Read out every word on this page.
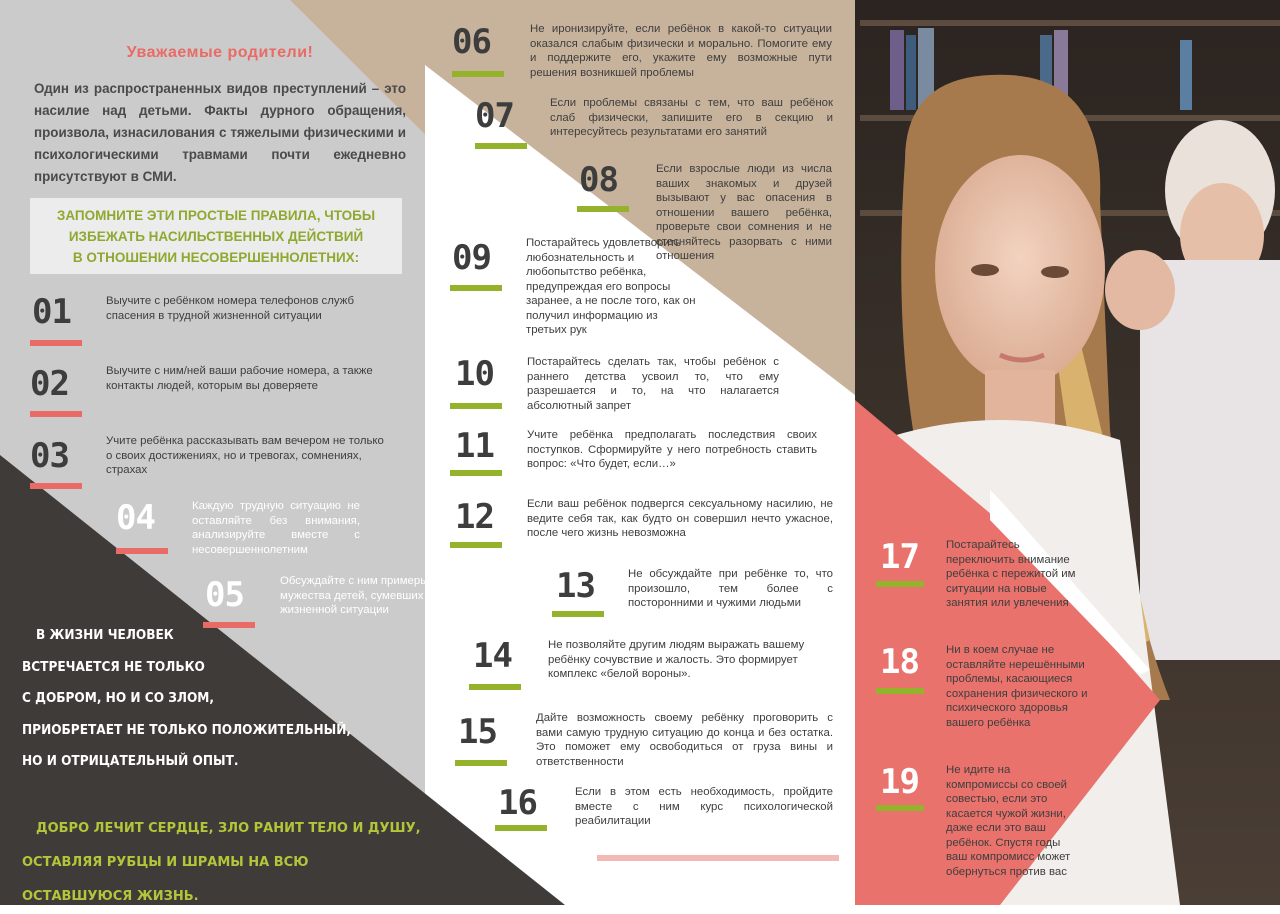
Уважаемые родители!
Один из распространенных видов преступлений – это насилие над детьми. Факты дурного обращения, произвола, изнасилования с тяжелыми физическими и психологическими травмами почти ежедневно присутствуют в СМИ.
ЗАПОМНИТЕ ЭТИ ПРОСТЫЕ ПРАВИЛА, ЧТОБЫ
ИЗБЕЖАТЬ НАСИЛЬСТВЕННЫХ ДЕЙСТВИЙ
В ОТНОШЕНИИ НЕСОВЕРШЕННОЛЕТНИХ:
01	Выучите с ребёнком номера телефонов служб спасения в трудной жизненной ситуации
02	Выучите с ним/ней ваши рабочие номера, а также контакты людей, которым вы доверяете
03	Учите ребёнка рассказывать вам вечером не только о своих достижениях, но и тревогах, сомнениях, страхах
04	Каждую трудную ситуацию не оставляйте без внимания, анализируйте вместе с несовершеннолетним
05	Обсуждайте с ним примеры находчивости и мужества детей, сумевших выйти из трудной жизненной ситуации
06	Не иронизируйте, если ребёнок в какой-то ситуации оказался слабым физически и морально. Помогите ему и поддержите его, укажите ему возможные пути решения возникшей проблемы
07	Если проблемы связаны с тем, что ваш ребёнок слаб физически, запишите его в секцию и интересуйтесь результатами его занятий
08	Если взрослые люди из числа ваших знакомых и друзей вызывают у вас опасения в отношении вашего ребёнка, проверьте свои сомнения и не стесняйтесь разорвать с ними отношения
09	Постарайтесь удовлетворить любознательность и любопытство ребёнка, предупреждая его вопросы заранее, а не после того, как он получил информацию из третьих рук
10	Постарайтесь сделать так, чтобы ребёнок с раннего детства усвоил то, что ему разрешается и то, на что налагается абсолютный запрет
11	Учите ребёнка предполагать последствия своих поступков. Сформируйте у него потребность ставить вопрос: «Что будет, если…»
12	Если ваш ребёнок подвергся сексуальному насилию, не ведите себя так, как будто он совершил нечто ужасное, после чего жизнь невозможна
13	Не обсуждайте при ребёнке то, что произошло, тем более с посторонними и чужими людьми
14	Не позволяйте другим людям выражать вашему ребёнку сочувствие и жалость. Это формирует комплекс «белой вороны».
15	Дайте возможность своему ребёнку проговорить с вами самую трудную ситуацию до конца и без остатка. Это поможет ему освободиться от груза вины и ответственности
16	Если в этом есть необходимость, пройдите вместе с ним курс психологической реабилитации
17	Постарайтесь переключить внимание ребёнка с пережитой им ситуации на новые занятия или увлечения
18	Ни в коем случае не оставляйте нерешёнными проблемы, касающиеся сохранения физического и психического здоровья вашего ребёнка
19	Не идите на компромиссы со своей совестью, если это касается чужой жизни, даже если это ваш ребёнок. Спустя годы ваш компромисс может обернуться против вас
В ЖИЗНИ ЧЕЛОВЕК
ВСТРЕЧАЕТСЯ НЕ ТОЛЬКО
С ДОБРОМ, НО И СО ЗЛОМ,
ПРИОБРЕТАЕТ НЕ ТОЛЬКО ПОЛОЖИТЕЛЬНЫЙ,
НО И ОТРИЦАТЕЛЬНЫЙ ОПЫТ.
ДОБРО ЛЕЧИТ СЕРДЦЕ, ЗЛО РАНИТ ТЕЛО И ДУШУ,
ОСТАВЛЯЯ РУБЦЫ И ШРАМЫ НА ВСЮ ОСТАВШУЮСЯ ЖИЗНЬ.
